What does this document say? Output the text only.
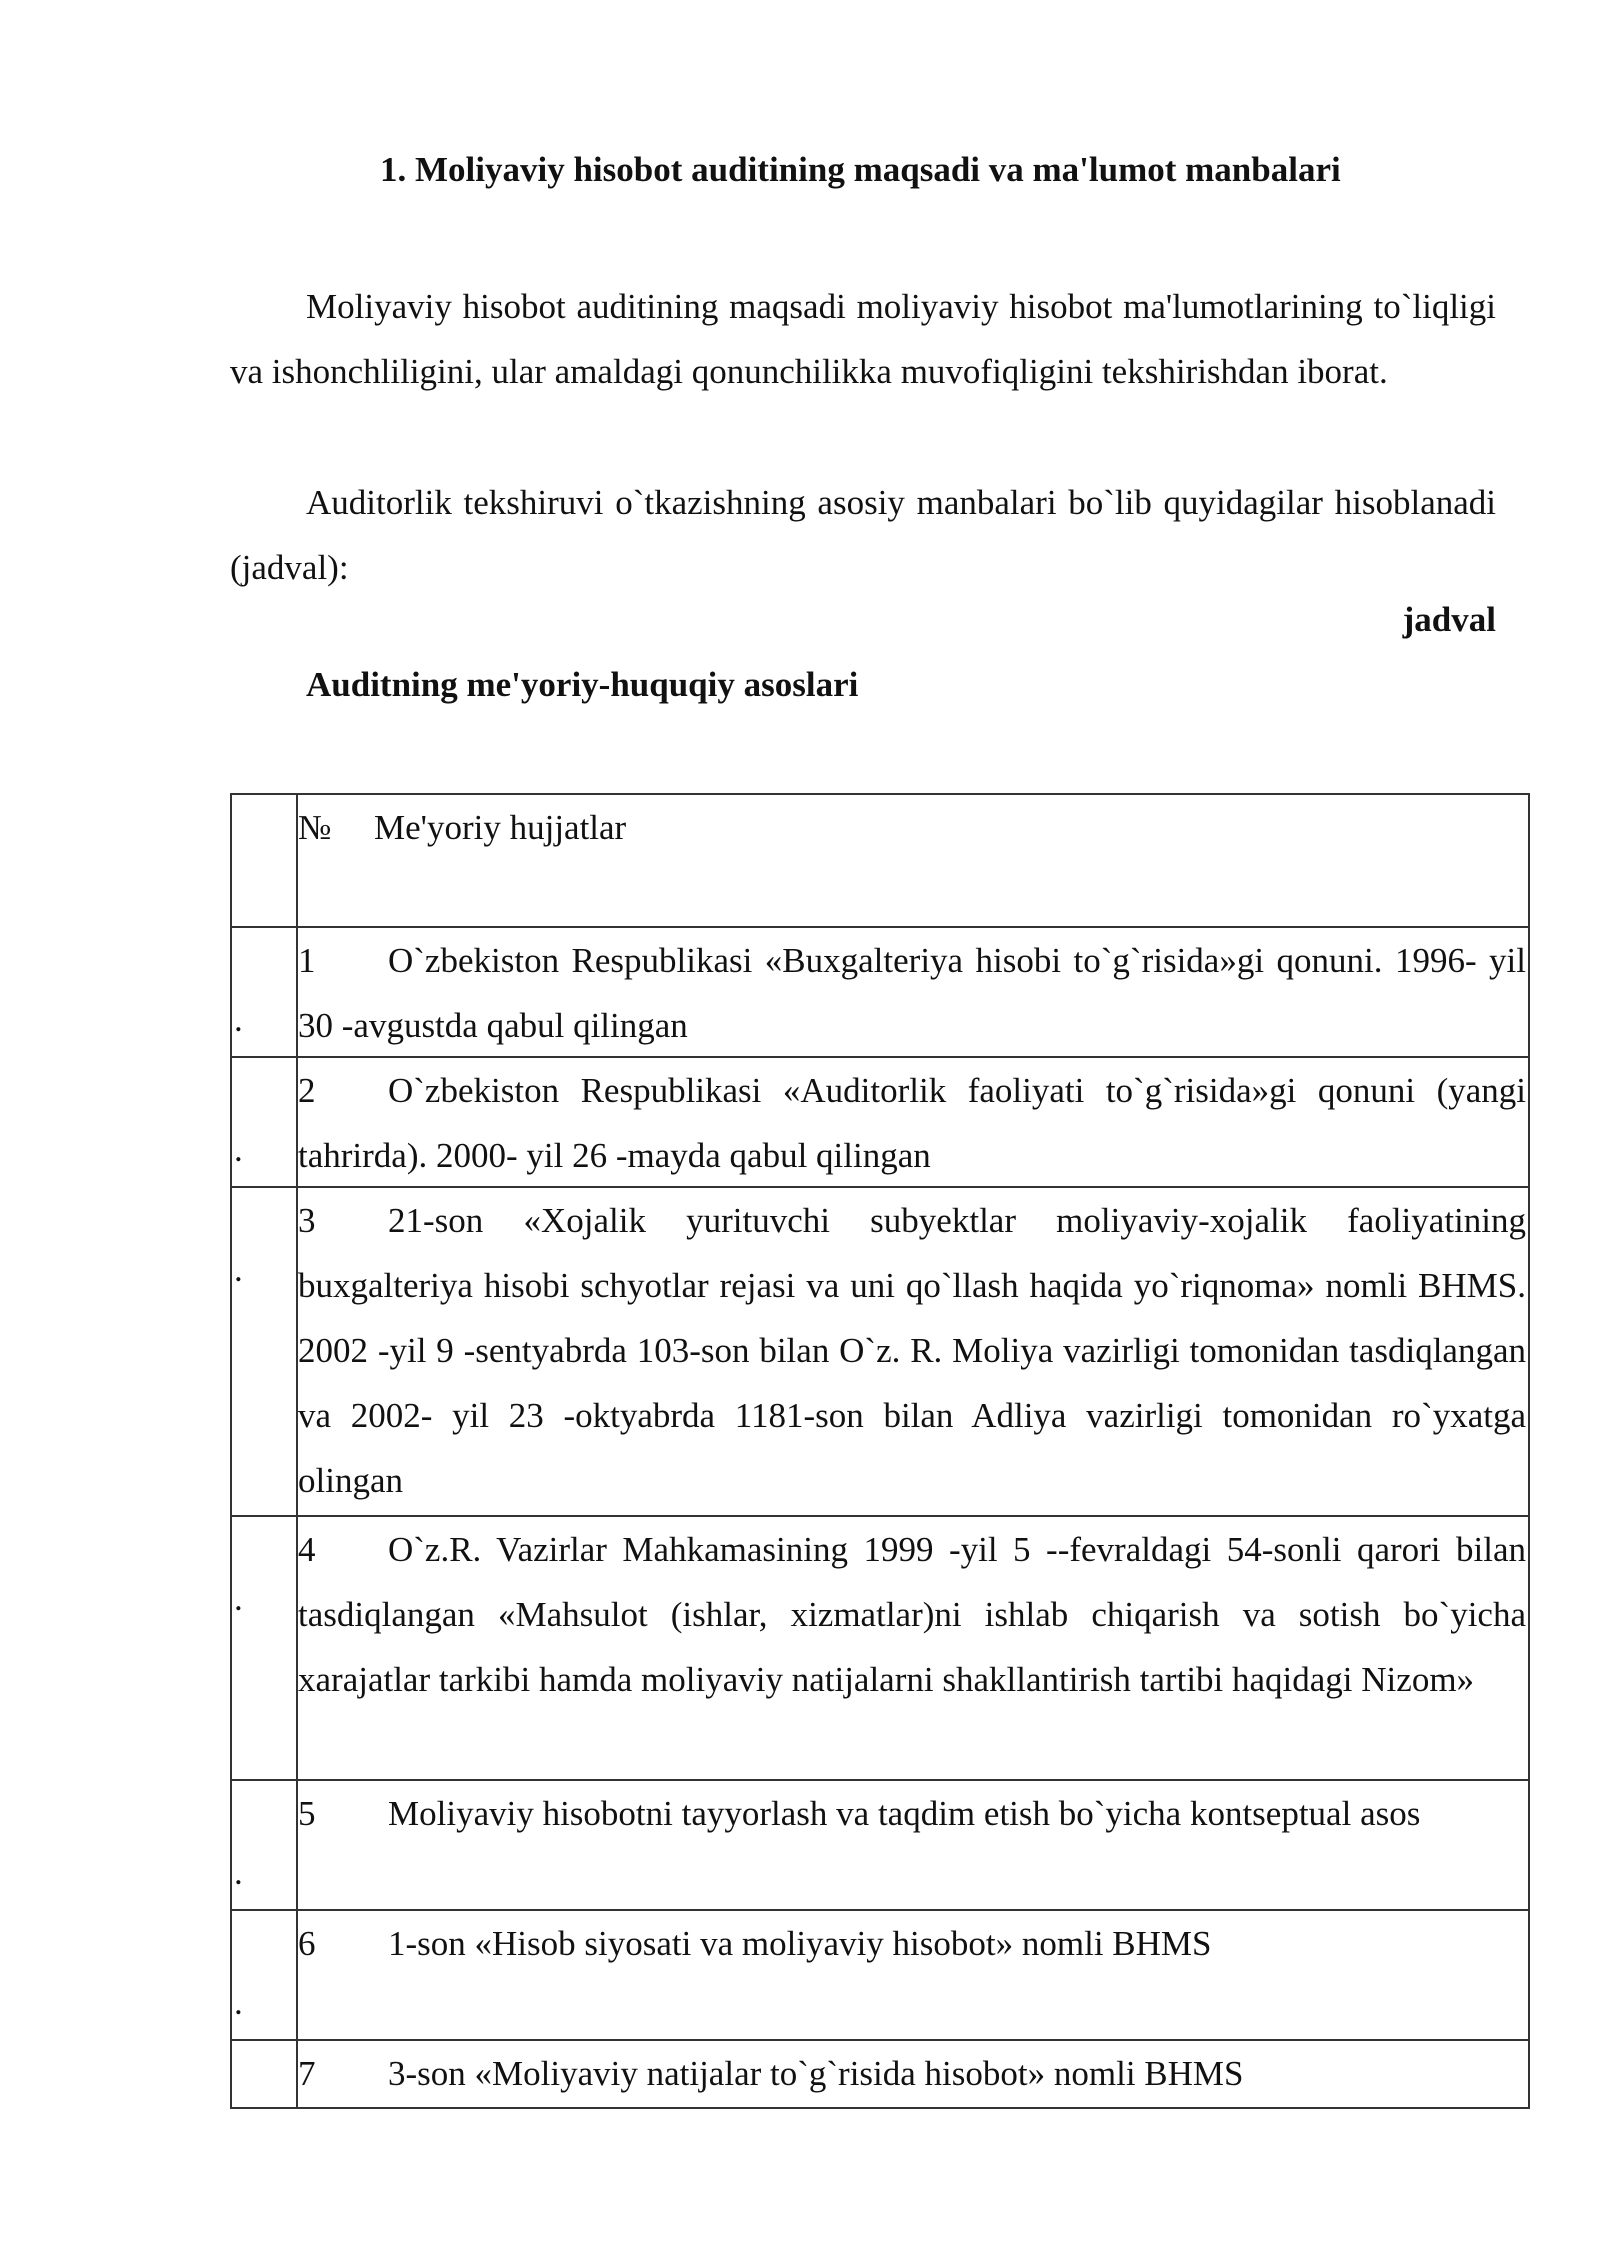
1. Moliyaviy hisobot auditining maqsadi va ma'lumot manbalari
Moliyaviy hisobot auditining maqsadi moliyaviy hisobot ma'lumotlarining to`liqligi va ishonchliligini, ular amaldagi qonunchilikka muvofiqligini tekshirishdan iborat.
Auditorlik tekshiruvi o`tkazishning asosiy manbalari bo`lib quyidagilar hisoblanadi (jadval):
jadval
Auditning me'yoriy-huquqiy asoslari
№ Me'yoriy hujjatlar
.
1 O`zbekiston Respublikasi «Buxgalteriya hisobi to`g`risida»gi qonuni. 1996- yil 30 -avgustda qabul qilingan
.
2 O`zbekiston Respublikasi «Auditorlik faoliyati to`g`risida»gi qonuni (yangi tahrirda). 2000- yil 26 -mayda qabul qilingan
.
3 21-son «Xojalik yurituvchi subyektlar moliyaviy-xojalik faoliyatining buxgalteriya hisobi schyotlar rejasi va uni qo`llash haqida yo`riqnoma» nomli BHMS. 2002 -yil 9 -sentyabrda 103-son bilan O`z. R. Moliya vazirligi tomonidan tasdiqlangan va 2002- yil 23 -oktyabrda 1181-son bilan Adliya vazirligi tomonidan ro`yxatga olingan
.
4 O`z.R. Vazirlar Mahkamasining 1999 -yil 5 --fevraldagi 54-sonli qarori bilan tasdiqlangan «Mahsulot (ishlar, xizmatlar)ni ishlab chiqarish va sotish bo`yicha xarajatlar tarkibi hamda moliyaviy natijalarni shakllantirish tartibi haqidagi Nizom»
.
5 Moliyaviy hisobotni tayyorlash va taqdim etish bo`yicha kontseptual asos
.
6 1-son «Hisob siyosati va moliyaviy hisobot» nomli BHMS
7 3-son «Moliyaviy natijalar to`g`risida hisobot» nomli BHMS
